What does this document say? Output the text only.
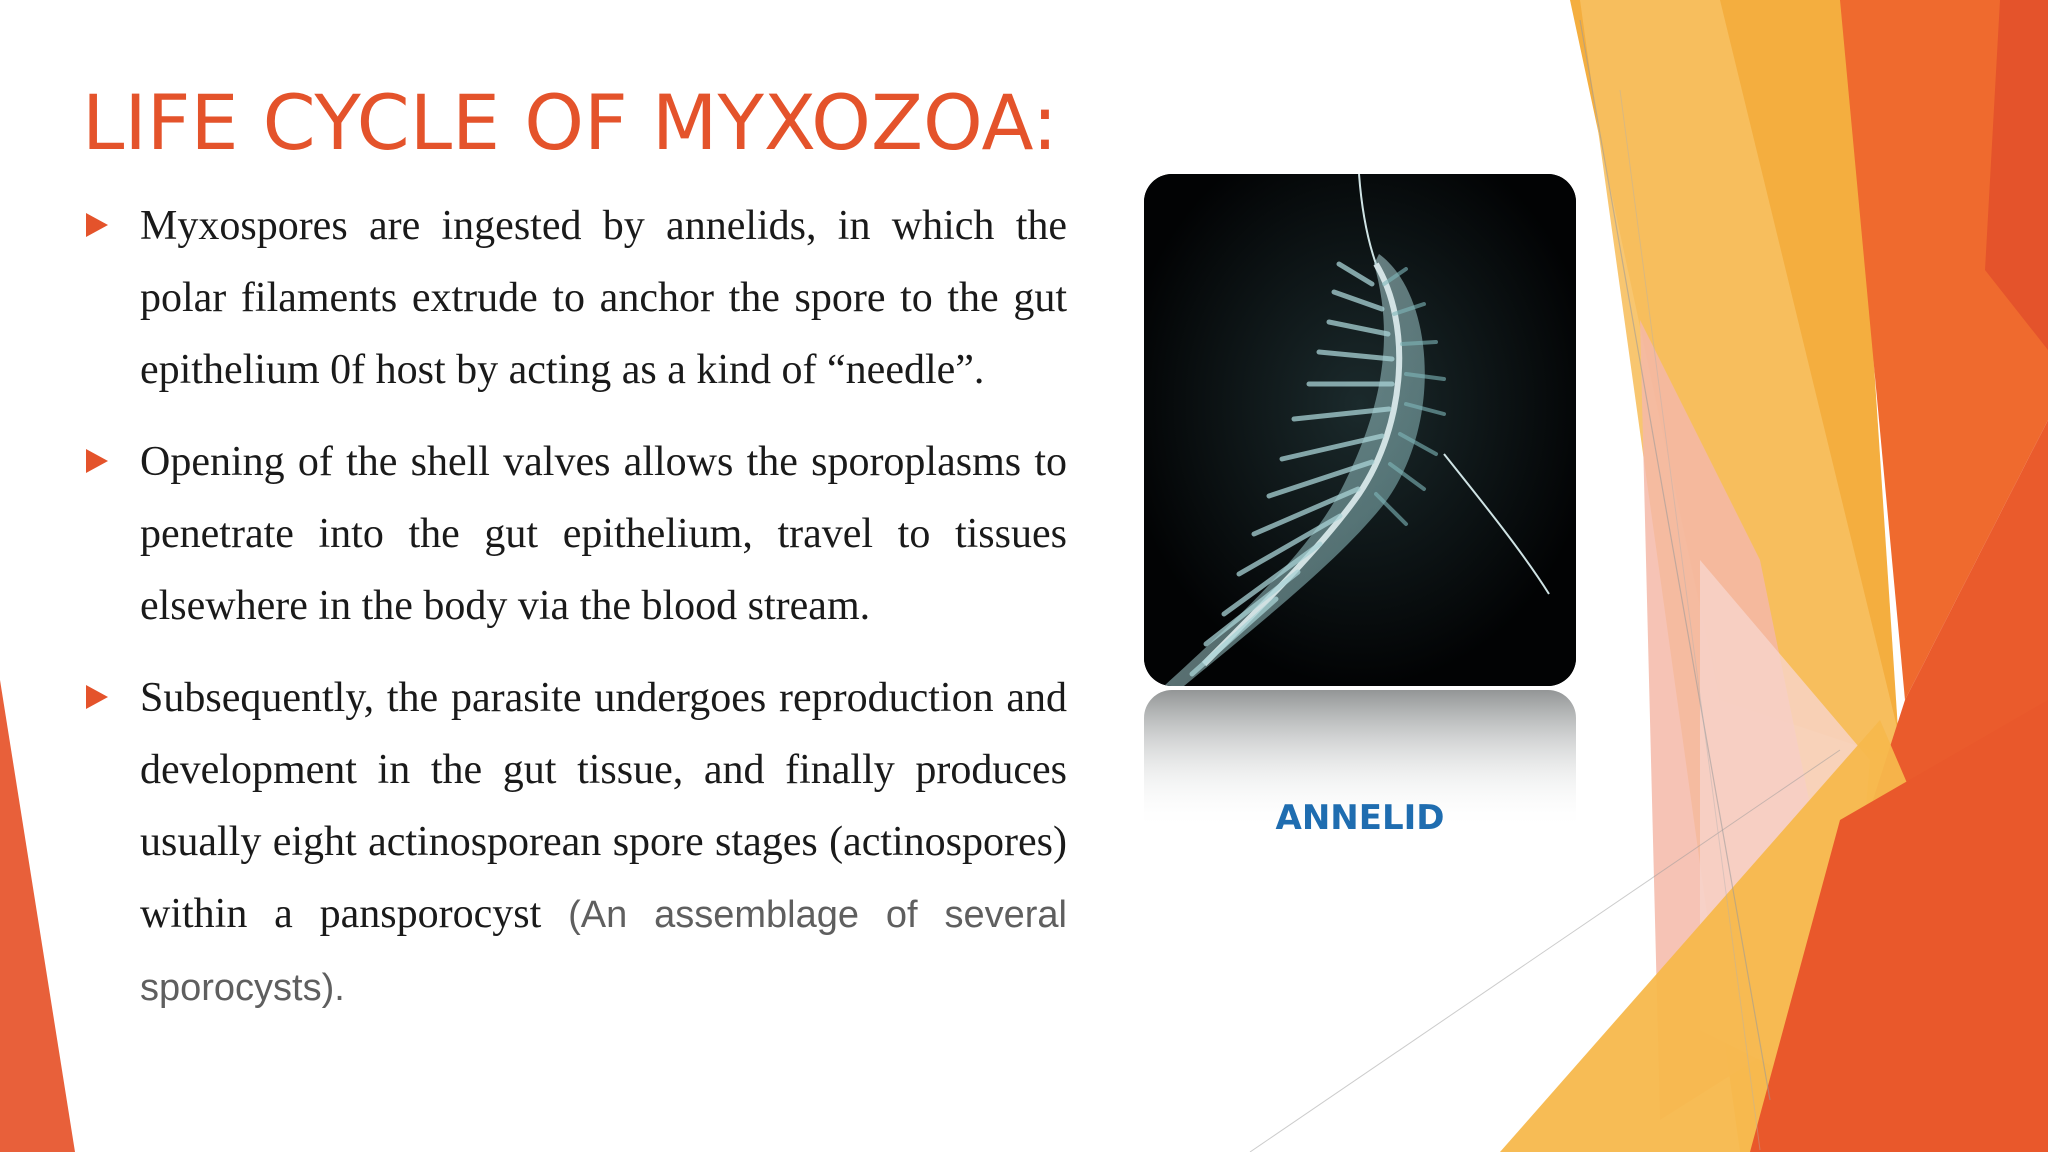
LIFE CYCLE OF MYXOZOA:
Myxospores are ingested by annelids, in which the polar filaments extrude to anchor the spore to the gut epithelium 0f host by acting as a kind of “needle”.
Opening of the shell valves allows the sporoplasms to penetrate into the gut epithelium, travel to tissues elsewhere in the body via the blood stream.
Subsequently, the parasite undergoes reproduction and development in the gut tissue, and finally produces usually eight actinosporean spore stages (actinospores) within a pansporocyst (An assemblage of several sporocysts).

ANNELID
